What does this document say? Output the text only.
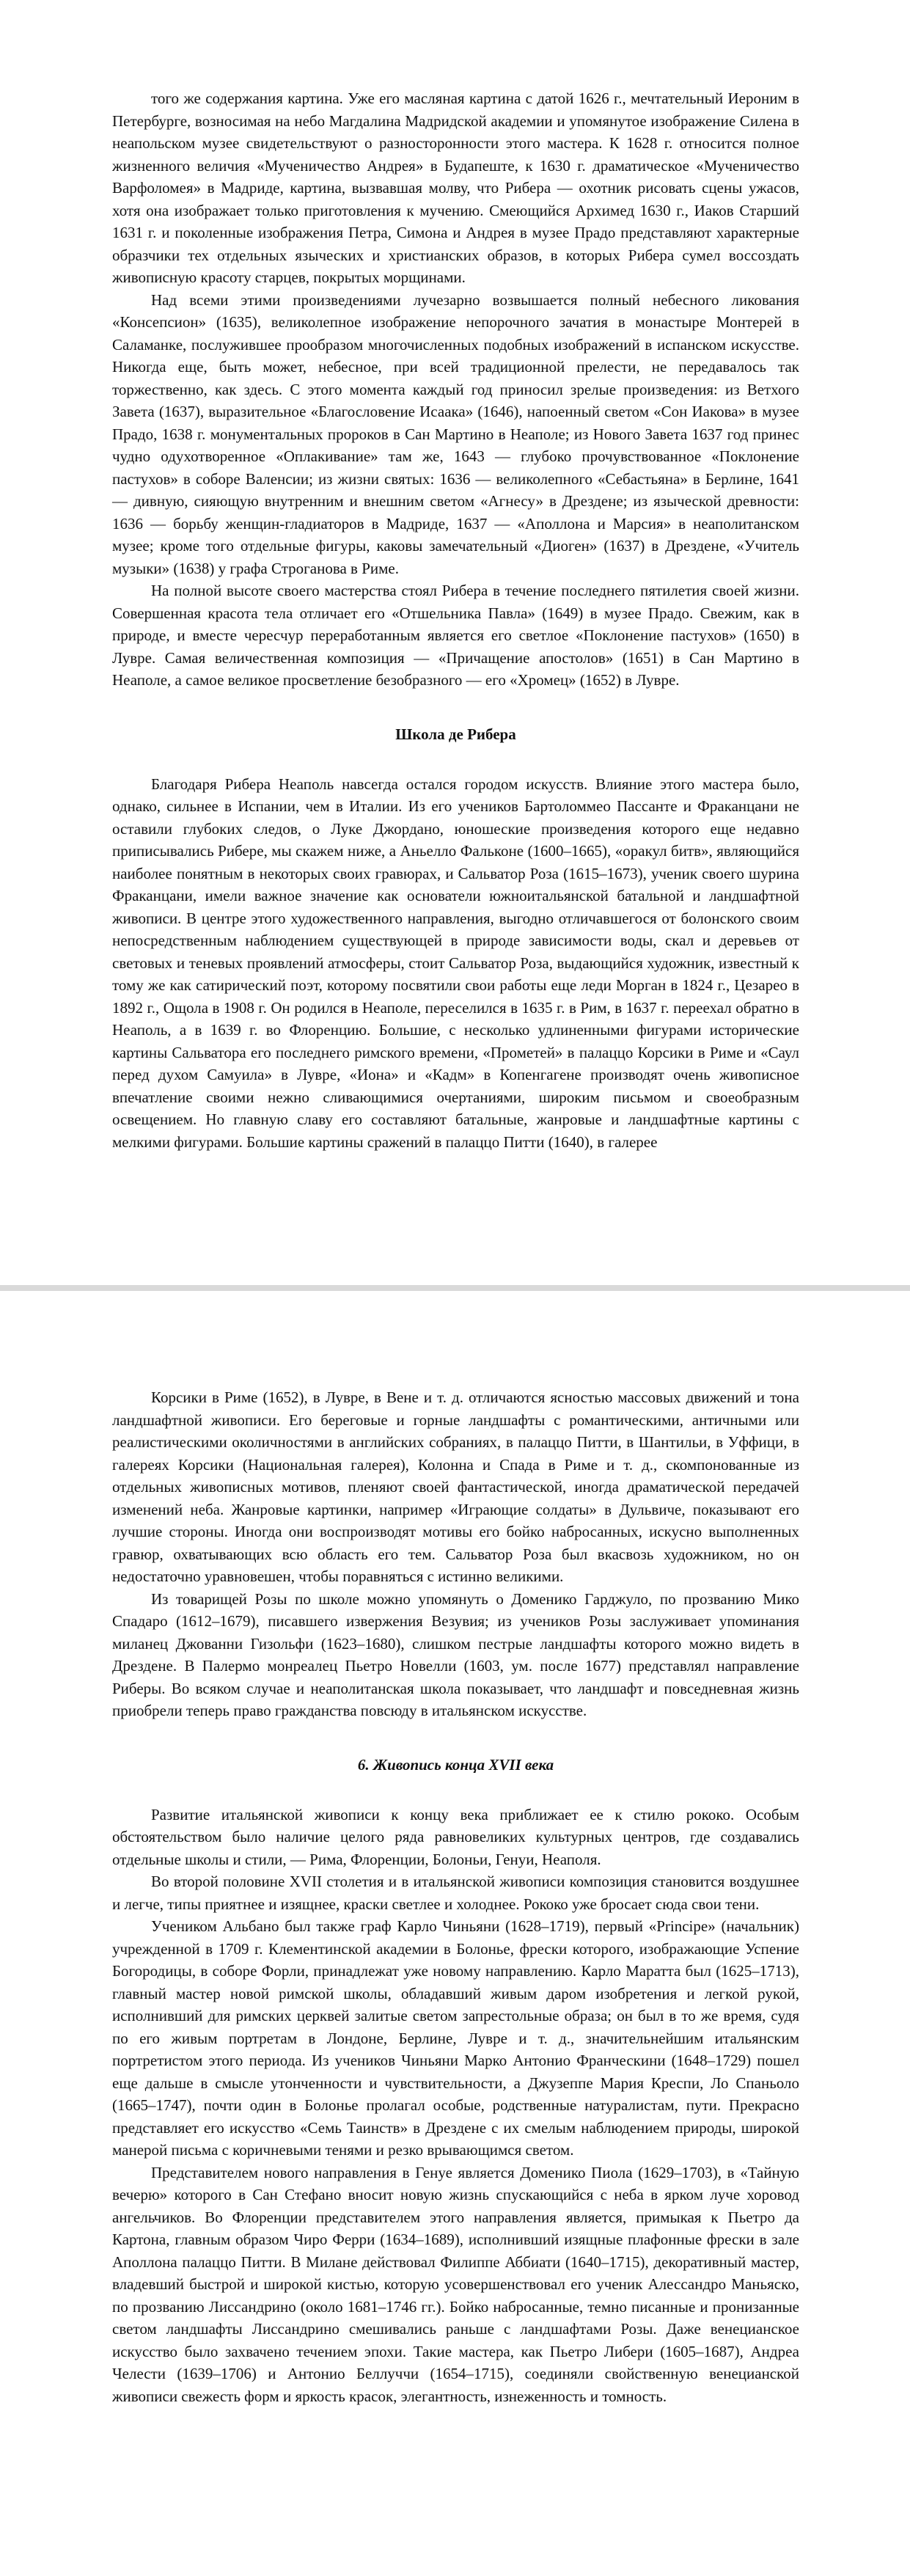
того же содержания картина. Уже его масляная картина с датой 1626 г., мечтательный Иероним в Петербурге, возносимая на небо Магдалина Мадридской академии и упомянутое изображение Силена в неапольском музее свидетельствуют о разносторонности этого мастера. К 1628 г. относится полное жизненного величия «Мученичество Андрея» в Будапеште, к 1630 г. драматическое «Мученичество Варфоломея» в Мадриде, картина, вызвавшая молву, что Рибера — охотник рисовать сцены ужасов, хотя она изображает только приготовления к мучению. Смеющийся Архимед 1630 г., Иаков Старший 1631 г. и поколенные изображения Петра, Симона и Андрея в музее Прадо представляют характерные образчики тех отдельных языческих и христианских образов, в которых Рибера сумел воссоздать живописную красоту старцев, покрытых морщинами.

Над всеми этими произведениями лучезарно возвышается полный небесного ликования «Консепсион» (1635), великолепное изображение непорочного зачатия в монастыре Монтерей в Саламанке, послужившее прообразом многочисленных подобных изображений в испанском искусстве. Никогда еще, быть может, небесное, при всей традиционной прелести, не передавалось так торжественно, как здесь. С этого момента каждый год приносил зрелые произведения: из Ветхого Завета (1637), выразительное «Благословение Исаака» (1646), напоенный светом «Сон Иакова» в музее Прадо, 1638 г. монументальных пророков в Сан Мартино в Неаполе; из Нового Завета 1637 год принес чудно одухотворенное «Оплакивание» там же, 1643 — глубоко прочувствованное «Поклонение пастухов» в соборе Валенсии; из жизни святых: 1636 — великолепного «Себастьяна» в Берлине, 1641 — дивную, сияющую внутренним и внешним светом «Агнесу» в Дрездене; из языческой древности: 1636 — борьбу женщин-гладиаторов в Мадриде, 1637 — «Аполлона и Марсия» в неаполитанском музее; кроме того отдельные фигуры, каковы замечательный «Диоген» (1637) в Дрездене, «Учитель музыки» (1638) у графа Строганова в Риме.

На полной высоте своего мастерства стоял Рибера в течение последнего пятилетия своей жизни. Совершенная красота тела отличает его «Отшельника Павла» (1649) в музее Прадо. Свежим, как в природе, и вместе чересчур переработанным является его светлое «Поклонение пастухов» (1650) в Лувре. Самая величественная композиция — «Причащение апостолов» (1651) в Сан Мартино в Неаполе, а самое великое просветление безобразного — его «Хромец» (1652) в Лувре.

Школа де Рибера

Благодаря Рибера Неаполь навсегда остался городом искусств. Влияние этого мастера было, однако, сильнее в Испании, чем в Италии. Из его учеников Бартоломмео Пассанте и Фраканцани не оставили глубоких следов, о Луке Джордано, юношеские произведения которого еще недавно приписывались Рибере, мы скажем ниже, а Аньелло Фальконе (1600–1665), «оракул битв», являющийся наиболее понятным в некоторых своих гравюрах, и Сальватор Роза (1615–1673), ученик своего шурина Фраканцани, имели важное значение как основатели южноитальянской батальной и ландшафтной живописи. В центре этого художественного направления, выгодно отличавшегося от болонского своим непосредственным наблюдением существующей в природе зависимости воды, скал и деревьев от световых и теневых проявлений атмосферы, стоит Сальватор Роза, выдающийся художник, известный к тому же как сатирический поэт, которому посвятили свои работы еще леди Морган в 1824 г., Цезарео в 1892 г., Ощола в 1908 г. Он родился в Неаполе, переселился в 1635 г. в Рим, в 1637 г. переехал обратно в Неаполь, а в 1639 г. во Флоренцию. Большие, с несколько удлиненными фигурами исторические картины Сальватора его последнего римского времени, «Прометей» в палаццо Корсики в Риме и «Саул перед духом Самуила» в Лувре, «Иона» и «Кадм» в Копенгагене производят очень живописное впечатление своими нежно сливающимися очертаниями, широким письмом и своеобразным освещением. Но главную славу его составляют батальные, жанровые и ландшафтные картины с мелкими фигурами. Большие картины сражений в палаццо Питти (1640), в галерее

Корсики в Риме (1652), в Лувре, в Вене и т. д. отличаются ясностью массовых движений и тона ландшафтной живописи. Его береговые и горные ландшафты с романтическими, античными или реалистическими околичностями в английских собраниях, в палаццо Питти, в Шантильи, в Уффици, в галереях Корсики (Национальная галерея), Колонна и Спада в Риме и т. д., скомпонованные из отдельных живописных мотивов, пленяют своей фантастической, иногда драматической передачей изменений неба. Жанровые картинки, например «Играющие солдаты» в Дульвиче, показывают его лучшие стороны. Иногда они воспроизводят мотивы его бойко набросанных, искусно выполненных гравюр, охватывающих всю область его тем. Сальватор Роза был вкасвозь художником, но он недостаточно уравновешен, чтобы поравняться с истинно великими.

Из товарищей Розы по школе можно упомянуть о Доменико Гарджуло, по прозванию Мико Спадаро (1612–1679), писавшего извержения Везувия; из учеников Розы заслуживает упоминания миланец Джованни Гизольфи (1623–1680), слишком пестрые ландшафты которого можно видеть в Дрездене. В Палермо монреалец Пьетро Новелли (1603, ум. после 1677) представлял направление Риберы. Во всяком случае и неаполитанская школа показывает, что ландшафт и повседневная жизнь приобрели теперь право гражданства повсюду в итальянском искусстве.

6. Живопись конца XVII века

Развитие итальянской живописи к концу века приближает ее к стилю рококо. Особым обстоятельством было наличие целого ряда равновеликих культурных центров, где создавались отдельные школы и стили, — Рима, Флоренции, Болоньи, Генуи, Неаполя.

Во второй половине XVII столетия и в итальянской живописи композиция становится воздушнее и легче, типы приятнее и изящнее, краски светлее и холоднее. Рококо уже бросает сюда свои тени.

Учеником Альбано был также граф Карло Чиньяни (1628–1719), первый «Principe» (начальник) учрежденной в 1709 г. Клементинской академии в Болонье, фрески которого, изображающие Успение Богородицы, в соборе Форли, принадлежат уже новому направлению. Карло Маратта был (1625–1713), главный мастер новой римской школы, обладавший живым даром изобретения и легкой рукой, исполнивший для римских церквей залитые светом запрестольные образа; он был в то же время, судя по его живым портретам в Лондоне, Берлине, Лувре и т. д., значительнейшим итальянским портретистом этого периода. Из учеников Чиньяни Марко Антонио Франческини (1648–1729) пошел еще дальше в смысле утонченности и чувствительности, а Джузеппе Мария Креспи, Ло Спаньоло (1665–1747), почти один в Болонье пролагал особые, родственные натуралистам, пути. Прекрасно представляет его искусство «Семь Таинств» в Дрездене с их смелым наблюдением природы, широкой манерой письма с коричневыми тенями и резко врывающимся светом.

Представителем нового направления в Генуе является Доменико Пиола (1629–1703), в «Тайную вечерю» которого в Сан Стефано вносит новую жизнь спускающийся с неба в ярком луче хоровод ангельчиков. Во Флоренции представителем этого направления является, примыкая к Пьетро да Картона, главным образом Чиро Ферри (1634–1689), исполнивший изящные плафонные фрески в зале Аполлона палаццо Питти. В Милане действовал Филиппе Аббиати (1640–1715), декоративный мастер, владевший быстрой и широкой кистью, которую усовершенствовал его ученик Алессандро Маньяско, по прозванию Лиссандрино (около 1681–1746 гг.). Бойко набросанные, темно писанные и пронизанные светом ландшафты Лиссандрино смешивались раньше с ландшафтами Розы. Даже венецианское искусство было захвачено течением эпохи. Такие мастера, как Пьетро Либери (1605–1687), Андреа Челести (1639–1706) и Антонио Беллуччи (1654–1715), соединяли свойственную венецианской живописи свежесть форм и яркость красок, элегантность, изнеженность и томность.
